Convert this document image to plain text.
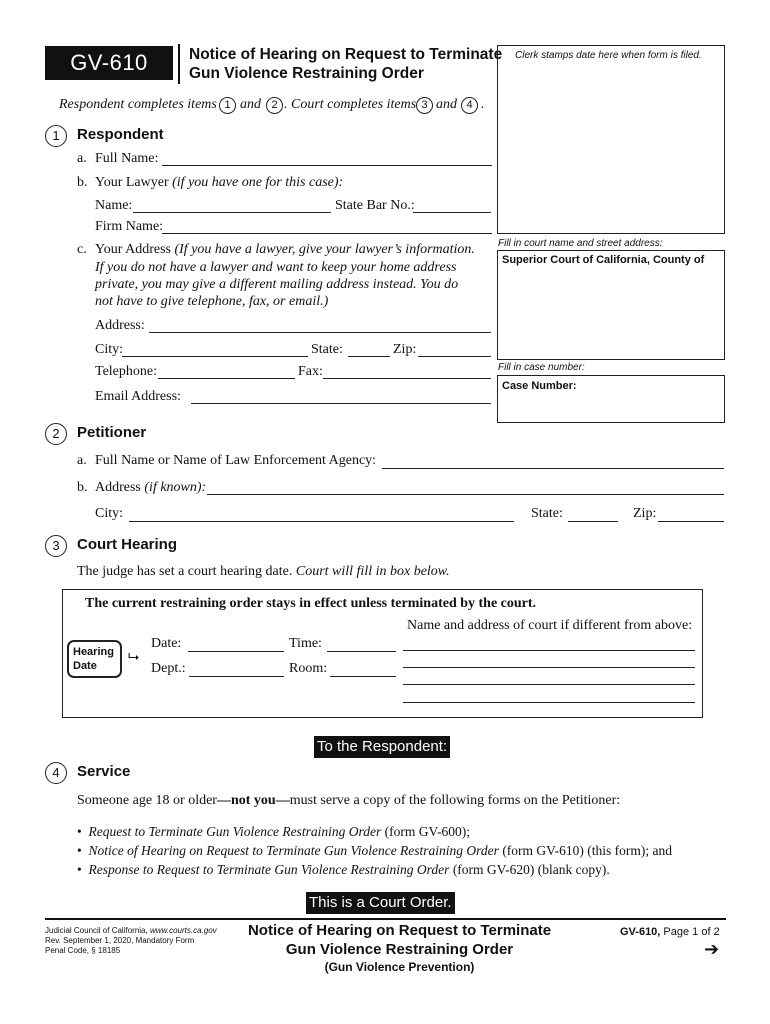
GV-610	Notice of Hearing on Request to Terminate
Gun Violence Restraining Order
Clerk stamps date here when form is filed.
Respondent completes items 1 and 2 . Court completes items 3 and 4 .
Fill in court name and street address:
Superior Court of California, County of
Fill in case number:
Case Number:
1	Respondent
a. Full Name:
b. Your Lawyer (if you have one for this case):
Name:	State Bar No.:
Firm Name:
c. Your Address (If you have a lawyer, give your lawyer’s information.
If you do not have a lawyer and want to keep your home address
private, you may give a different mailing address instead. You do
not have to give telephone, fax, or email.)
Address:
City:	State:	Zip:
Telephone:	Fax:
Email Address:
2	Petitioner
a. Full Name or Name of Law Enforcement Agency:
b. Address (if known):
City:	State:	Zip:
3	Court Hearing
The judge has set a court hearing date. Court will fill in box below.
The current restraining order stays in effect unless terminated by the court.
Hearing
Date
⮡
Date:	Time:
Dept.:	Room:
Name and address of court if different from above:
To the Respondent:
4	Service
Someone age 18 or older—not you—must serve a copy of the following forms on the Petitioner:
•  Request to Terminate Gun Violence Restraining Order (form GV-600);
•  Notice of Hearing on Request to Terminate Gun Violence Restraining Order (form GV-610) (this form); and
•  Response to Request to Terminate Gun Violence Restraining Order (form GV-620) (blank copy).
This is a Court Order.
Judicial Council of California, www.courts.ca.gov
Rev. September 1, 2020, Mandatory Form
Penal Code, § 18185
Notice of Hearing on Request to Terminate
Gun Violence Restraining Order
(Gun Violence Prevention)
GV-610, Page 1 of 2
➔
